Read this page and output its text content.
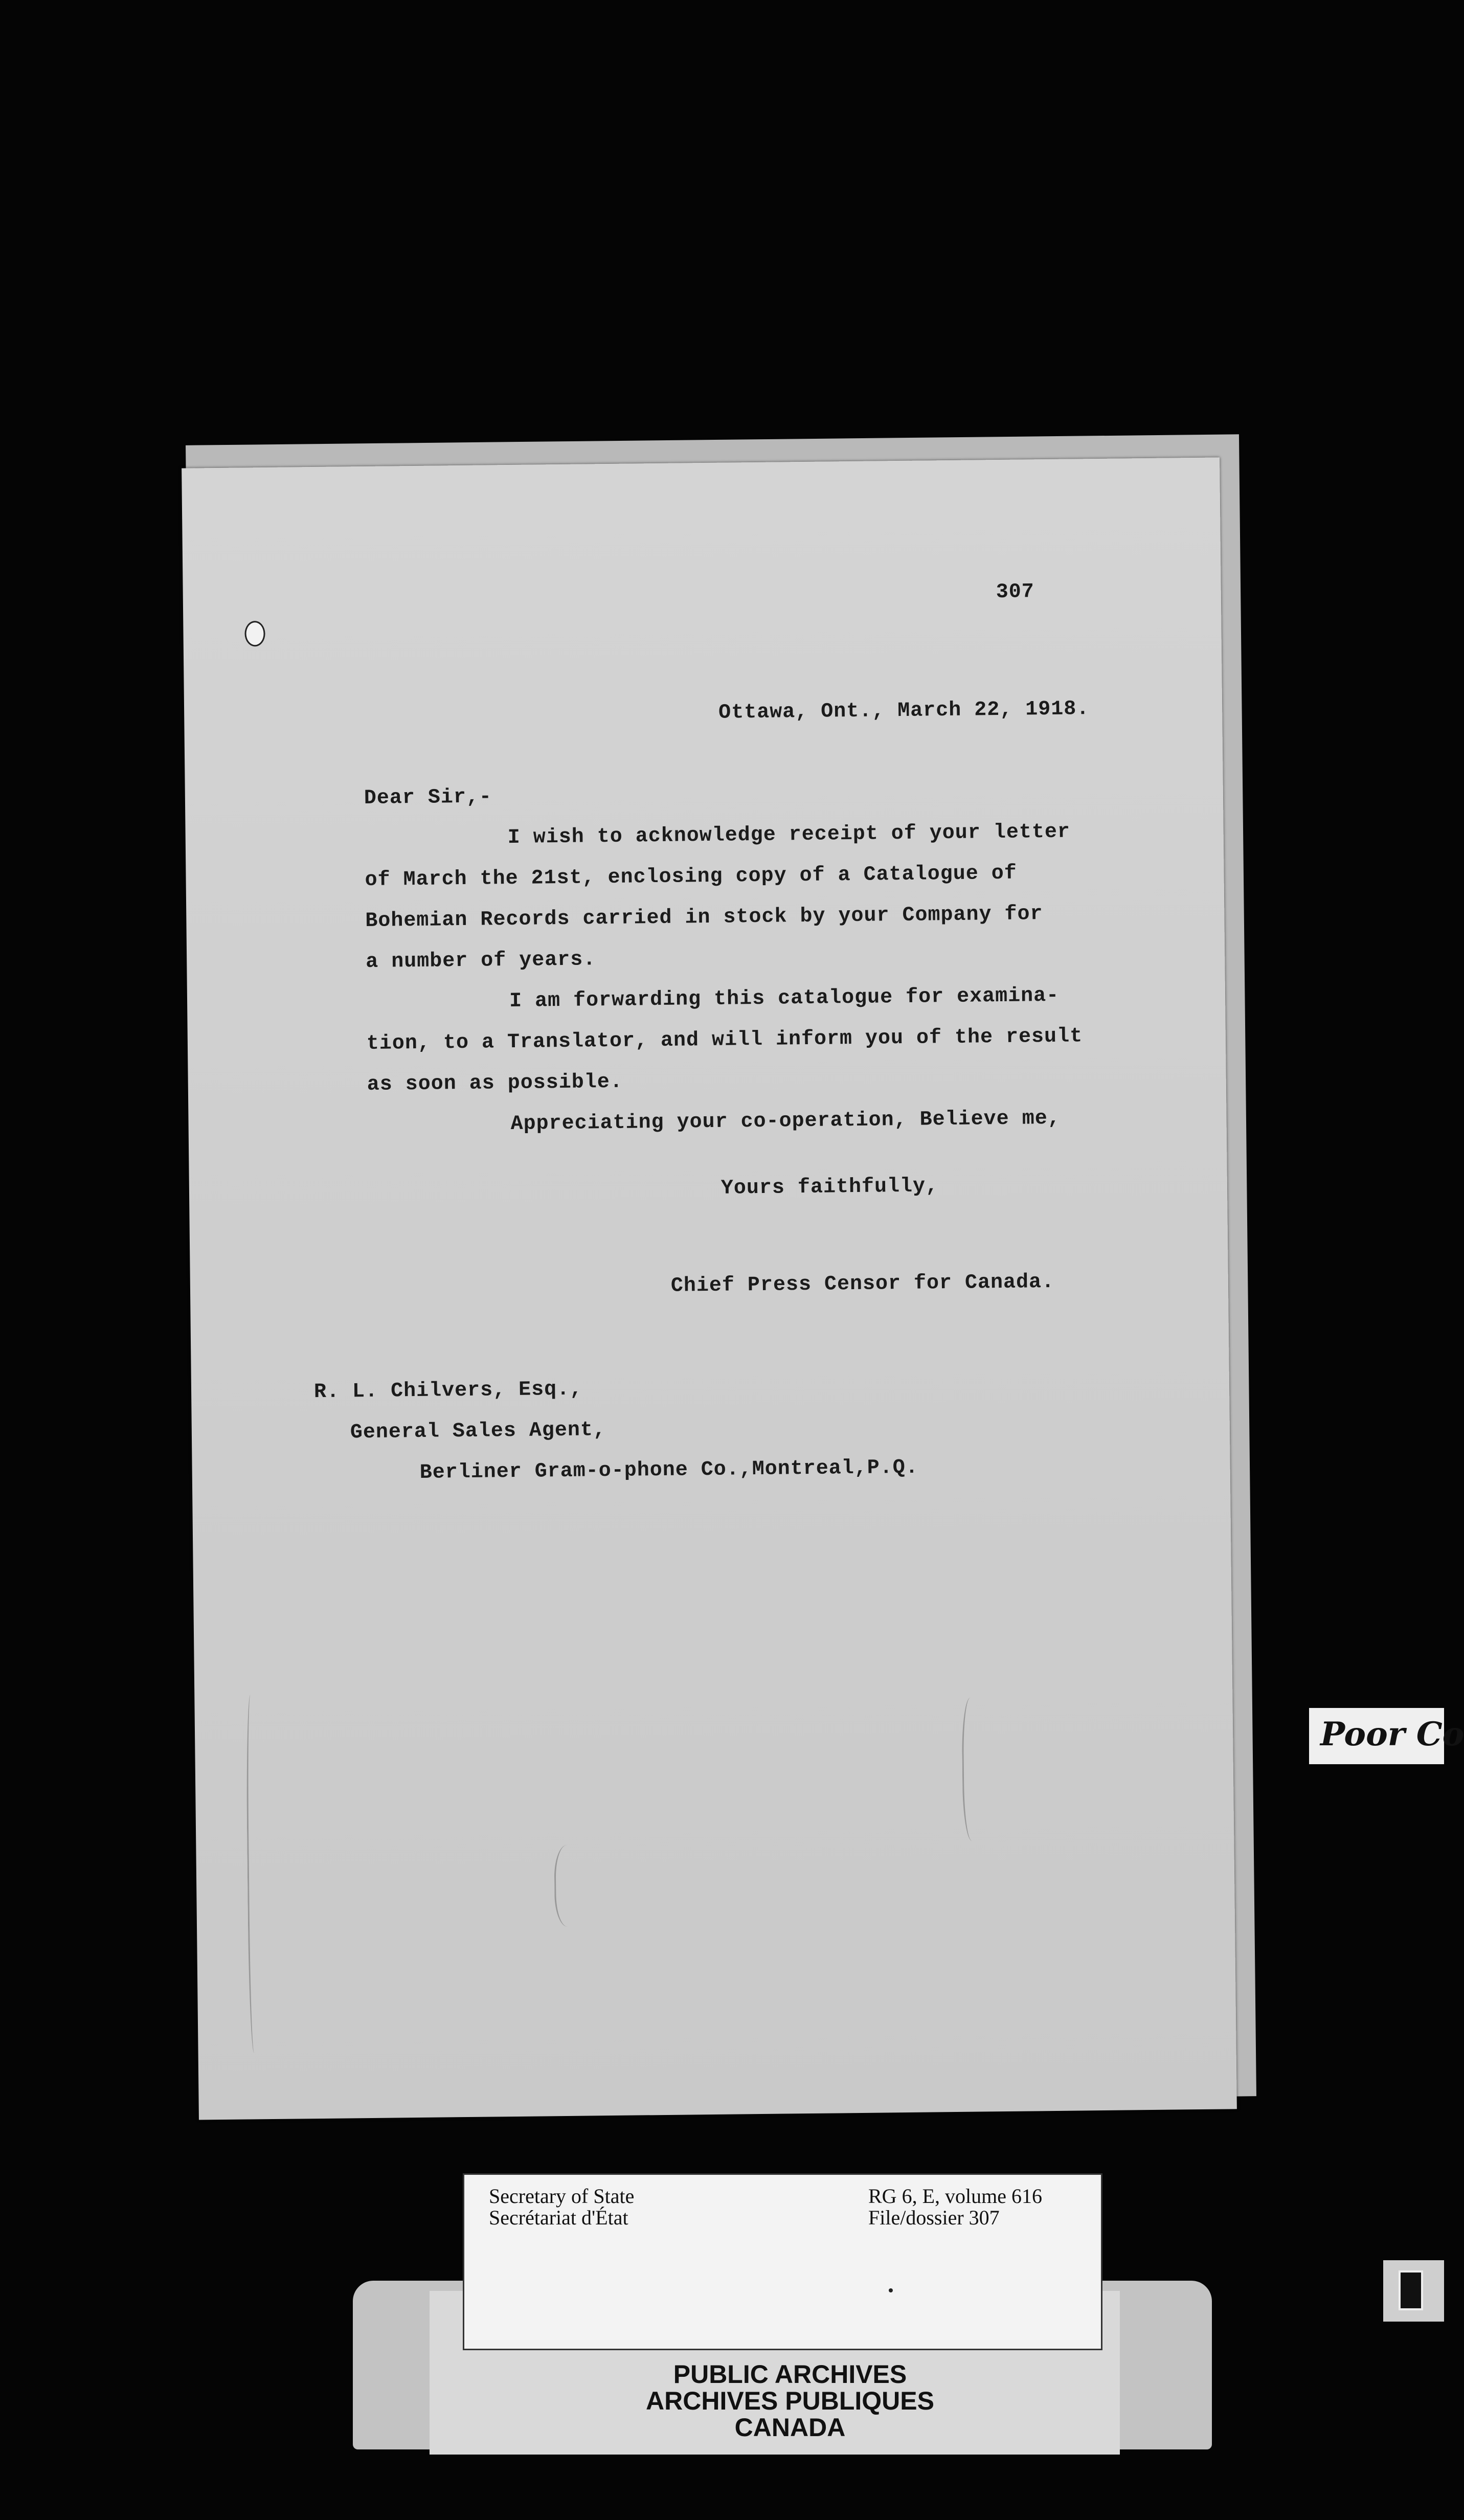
307
Ottawa, Ont., March 22, 1918.
Dear Sir,-
I wish to acknowledge receipt of your letter
of March the 21st, enclosing copy of a Catalogue of
Bohemian Records carried in stock by your Company for
a number of years.
I am forwarding this catalogue for examina-
tion, to a Translator, and will inform you of the result
as soon as possible.
Appreciating your co-operation, Believe me,
Yours faithfully,
Chief Press Censor for Canada.
R. L. Chilvers, Esq.,
General Sales Agent,
Berliner Gram-o-phone Co.,Montreal,P.Q.
Poor Co
Secretary of State
Secrétariat d'État
RG 6, E, volume 616
File/dossier 307
PUBLIC ARCHIVES
ARCHIVES PUBLIQUES
CANADA
